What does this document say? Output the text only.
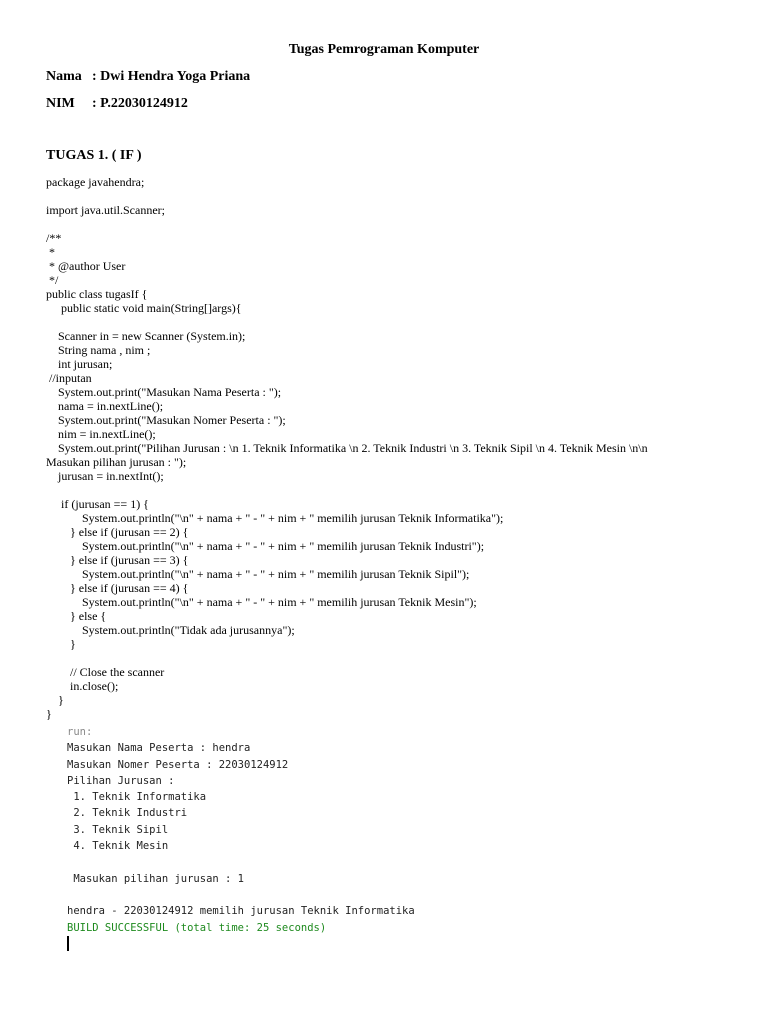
Tugas Pemrograman Komputer
Nama : Dwi Hendra Yoga Priana
NIM : P.22030124912
TUGAS 1. ( IF )
package javahendra;
import java.util.Scanner;
/**
*
* @author User
*/
public class tugasIf {
public static void main(String[]args){
Scanner in = new Scanner (System.in);
String nama , nim ;
int jurusan;
//inputan
System.out.print("Masukan Nama Peserta : ");
nama = in.nextLine();
System.out.print("Masukan Nomer Peserta : ");
nim = in.nextLine();
System.out.print("Pilihan Jurusan : \n 1. Teknik Informatika \n 2. Teknik Industri \n 3. Teknik Sipil \n 4. Teknik Mesin \n\n
Masukan pilihan jurusan : ");
jurusan = in.nextInt();
if (jurusan == 1) {
System.out.println("\n" + nama + " - " + nim + " memilih jurusan Teknik Informatika");
} else if (jurusan == 2) {
System.out.println("\n" + nama + " - " + nim + " memilih jurusan Teknik Industri");
} else if (jurusan == 3) {
System.out.println("\n" + nama + " - " + nim + " memilih jurusan Teknik Sipil");
} else if (jurusan == 4) {
System.out.println("\n" + nama + " - " + nim + " memilih jurusan Teknik Mesin");
} else {
System.out.println("Tidak ada jurusannya");
}
// Close the scanner
in.close();
}
}
run:
Masukan Nama Peserta : hendra
Masukan Nomer Peserta : 22030124912
Pilihan Jurusan :
1. Teknik Informatika
2. Teknik Industri
3. Teknik Sipil
4. Teknik Mesin
Masukan pilihan jurusan : 1
hendra - 22030124912 memilih jurusan Teknik Informatika
BUILD SUCCESSFUL (total time: 25 seconds)
